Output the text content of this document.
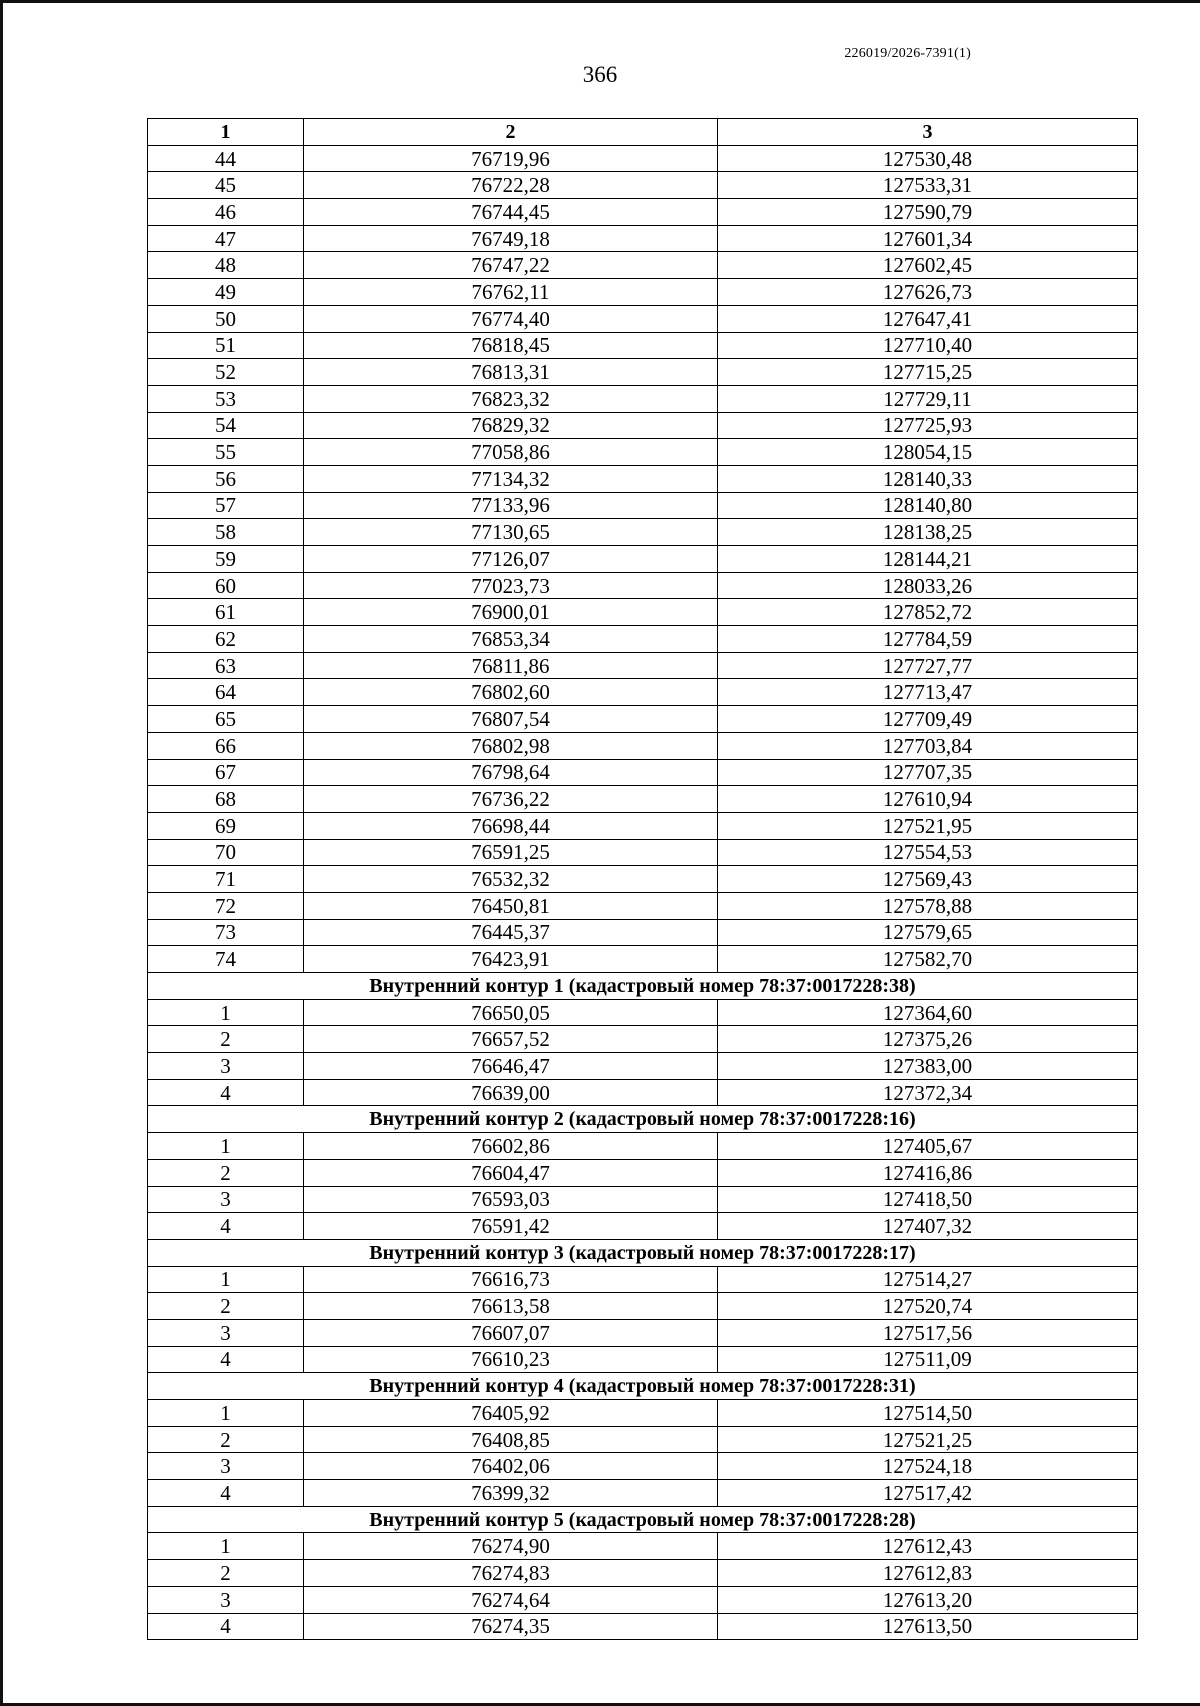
226019/2026-7391(1)
366
1	2	3
44	76719,96	127530,48
45	76722,28	127533,31
46	76744,45	127590,79
47	76749,18	127601,34
48	76747,22	127602,45
49	76762,11	127626,73
50	76774,40	127647,41
51	76818,45	127710,40
52	76813,31	127715,25
53	76823,32	127729,11
54	76829,32	127725,93
55	77058,86	128054,15
56	77134,32	128140,33
57	77133,96	128140,80
58	77130,65	128138,25
59	77126,07	128144,21
60	77023,73	128033,26
61	76900,01	127852,72
62	76853,34	127784,59
63	76811,86	127727,77
64	76802,60	127713,47
65	76807,54	127709,49
66	76802,98	127703,84
67	76798,64	127707,35
68	76736,22	127610,94
69	76698,44	127521,95
70	76591,25	127554,53
71	76532,32	127569,43
72	76450,81	127578,88
73	76445,37	127579,65
74	76423,91	127582,70
Внутренний контур 1 (кадастровый номер 78:37:0017228:38)		
1	76650,05	127364,60
2	76657,52	127375,26
3	76646,47	127383,00
4	76639,00	127372,34
Внутренний контур 2 (кадастровый номер 78:37:0017228:16)		
1	76602,86	127405,67
2	76604,47	127416,86
3	76593,03	127418,50
4	76591,42	127407,32
Внутренний контур 3 (кадастровый номер 78:37:0017228:17)		
1	76616,73	127514,27
2	76613,58	127520,74
3	76607,07	127517,56
4	76610,23	127511,09
Внутренний контур 4 (кадастровый номер 78:37:0017228:31)		
1	76405,92	127514,50
2	76408,85	127521,25
3	76402,06	127524,18
4	76399,32	127517,42
Внутренний контур 5 (кадастровый номер 78:37:0017228:28)		
1	76274,90	127612,43
2	76274,83	127612,83
3	76274,64	127613,20
4	76274,35	127613,50
